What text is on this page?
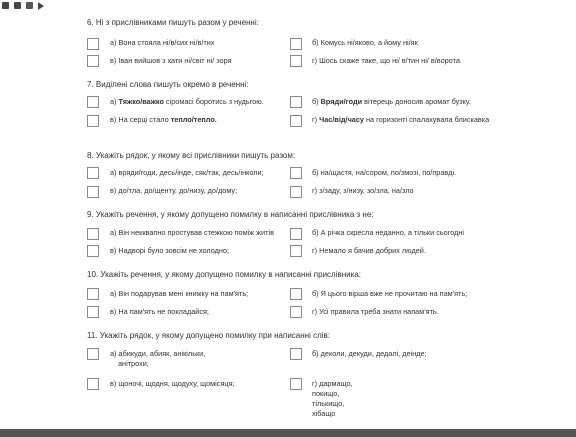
6. Ні з прислівниками пишуть разом у реченні:
а) Вона стояла ні/в/сих ні/в/тих	б) Комусь ні/яково, а йому ні/як
в) Іван вийшов з хати ні/світ ні/ зоря	г) Шось скаже таке, що ні/ в/тин ні/ в/ворота.
7. Виділені слова пишуть окремо в реченні:
а) Тяжко/важко сіромасі боротись з нудьгою.	б) Вряди/годи вітерець доносив аромат бузку.
в) На серці стало тепло/тепло.	г) Час/від/часу на горизонті спалахувала блискавка
8. Укажіть рядок, у якому всі прислівники пишуть разом:
а) вряди/годи, десь/інде, сяк/так, десь/інколи;	б) на/щастя, на/сором, по/змозі, по/правді.
в) до/тла, до/щенту, до/низу, до/дому;	г) з/заду, з/низу, зо/зла, на/зло
9. Укажіть речення, у якому допущено помилку в написанні прислівника з не:
а) Він некквапно простував стежкою поміж житів	б) А річка скресла неданно, а тільки сьогодні
в) Надворі було зовсім не холодно;	г) Немало я бачив добрих людей.
10. Укажіть речення, у якому допущено помилку в написанні прислівника:
а) Він подарував мені книжку на пам'ять;	б) Я цього вірша вже не прочитаю на пам'ять;
в) На пам'ять не покладайся;	г) Усі правила треба знати напам'ять.
11. Укажіть рядок, у якому допущено помилку при написанні слів:
а) абикуди, абияк, анікільки,
анітрохи;
б) деколи, декуди, дедалі, деінде;
в) щоночі, щодня, щодуху, щомісяця;	г) дармащо,
покищо,
тількищо,
хібащо
